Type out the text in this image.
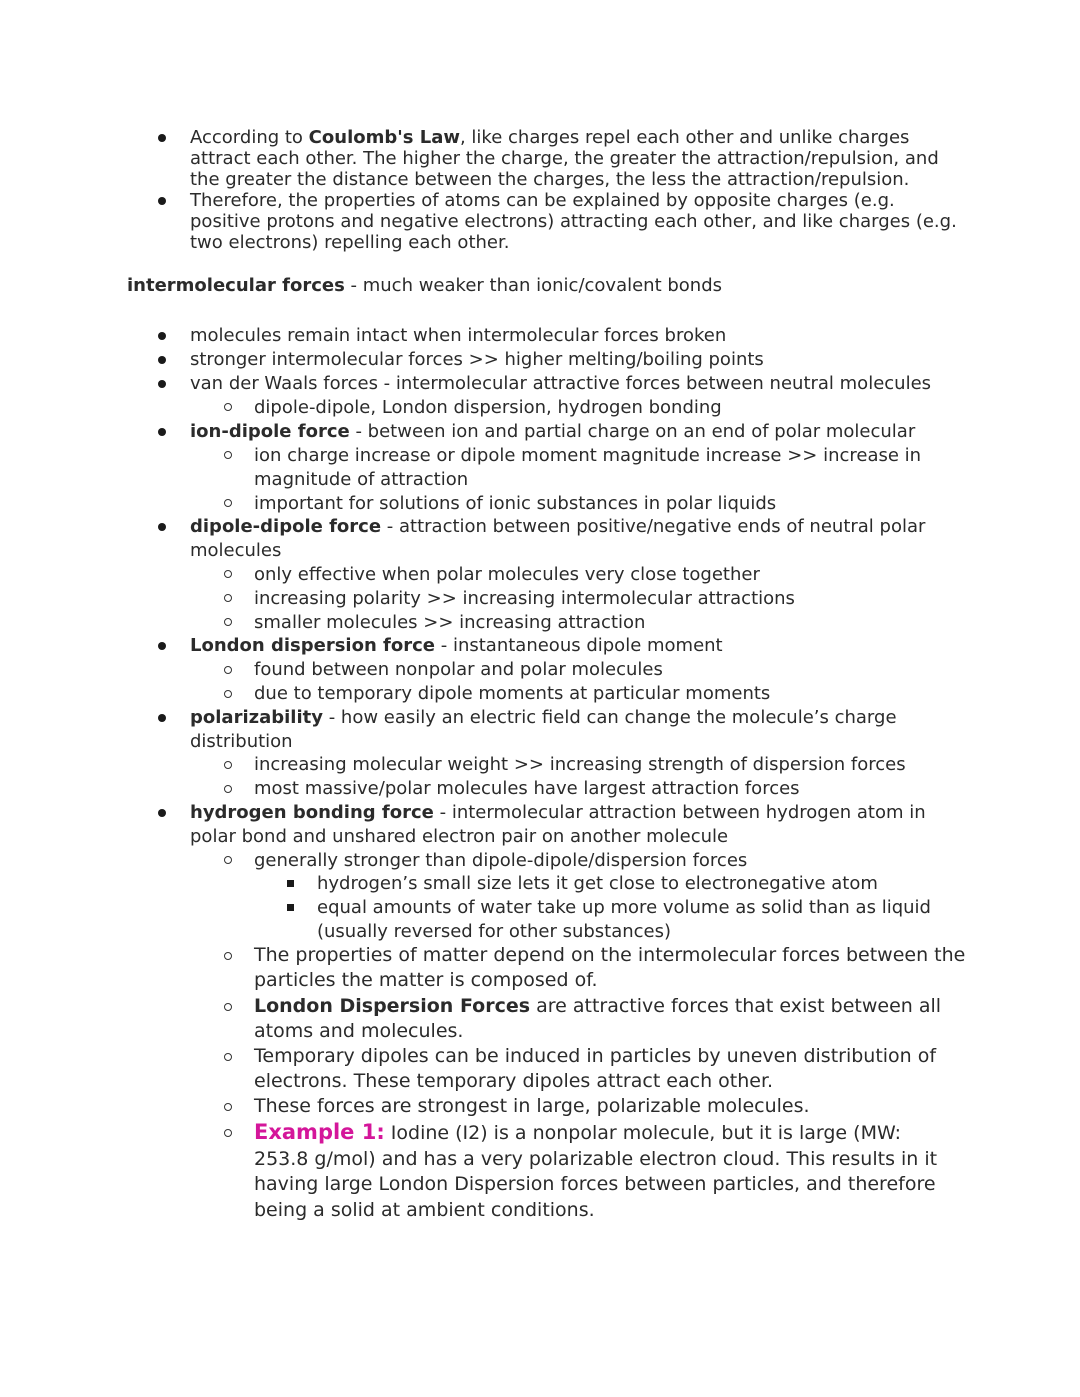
According to Coulomb's Law, like charges repel each other and unlike charges
attract each other. The higher the charge, the greater the attraction/repulsion, and
the greater the distance between the charges, the less the attraction/repulsion.
Therefore, the properties of atoms can be explained by opposite charges (e.g.
positive protons and negative electrons) attracting each other, and like charges (e.g.
two electrons) repelling each other.
intermolecular forces - much weaker than ionic/covalent bonds
molecules remain intact when intermolecular forces broken
stronger intermolecular forces >> higher melting/boiling points
van der Waals forces - intermolecular attractive forces between neutral molecules
dipole-dipole, London dispersion, hydrogen bonding
ion-dipole force - between ion and partial charge on an end of polar molecular
ion charge increase or dipole moment magnitude increase >> increase in
magnitude of attraction
important for solutions of ionic substances in polar liquids
dipole-dipole force - attraction between positive/negative ends of neutral polar
molecules
only effective when polar molecules very close together
increasing polarity >> increasing intermolecular attractions
smaller molecules >> increasing attraction
London dispersion force - instantaneous dipole moment
found between nonpolar and polar molecules
due to temporary dipole moments at particular moments
polarizability - how easily an electric field can change the molecule’s charge
distribution
increasing molecular weight >> increasing strength of dispersion forces
most massive/polar molecules have largest attraction forces
hydrogen bonding force - intermolecular attraction between hydrogen atom in
polar bond and unshared electron pair on another molecule
generally stronger than dipole-dipole/dispersion forces
hydrogen’s small size lets it get close to electronegative atom
equal amounts of water take up more volume as solid than as liquid
(usually reversed for other substances)
The properties of matter depend on the intermolecular forces between the
particles the matter is composed of.
London Dispersion Forces are attractive forces that exist between all
atoms and molecules.
Temporary dipoles can be induced in particles by uneven distribution of
electrons. These temporary dipoles attract each other.
These forces are strongest in large, polarizable molecules.
Example 1: Iodine (I2) is a nonpolar molecule, but it is large (MW:
253.8 g/mol) and has a very polarizable electron cloud. This results in it
having large London Dispersion forces between particles, and therefore
being a solid at ambient conditions.
